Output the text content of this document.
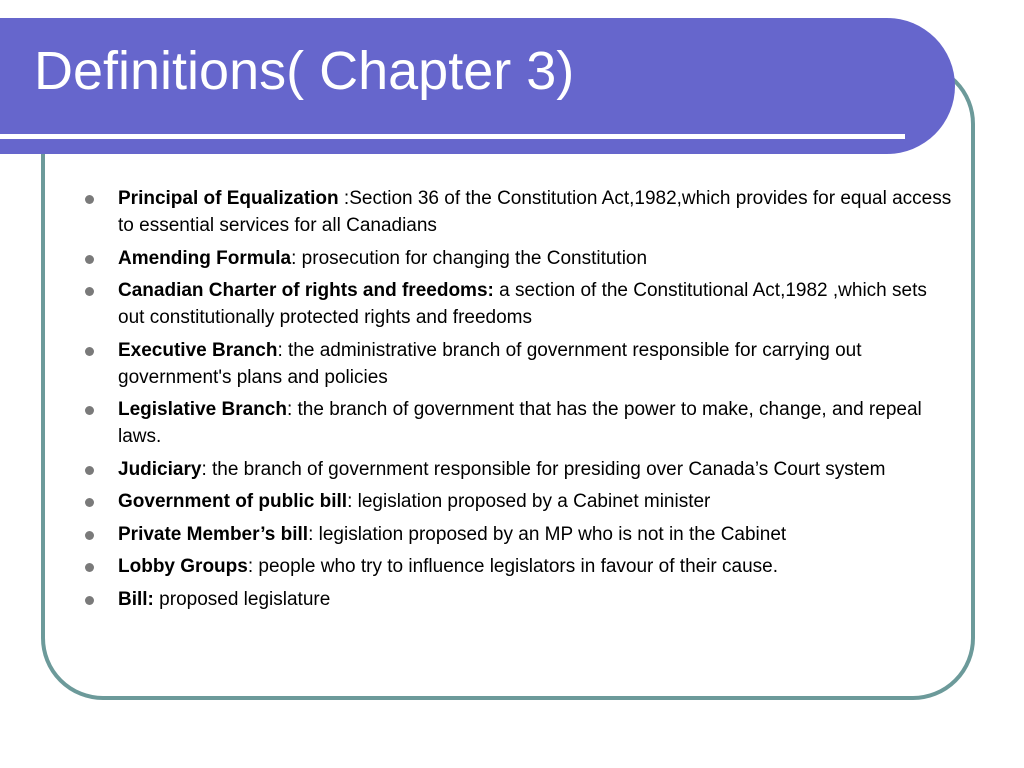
Definitions( Chapter 3)
Principal of Equalization :Section 36 of the Constitution Act,1982,which provides for equal access to essential services for all Canadians
Amending Formula: prosecution for changing the Constitution
Canadian Charter of rights and freedoms: a section of the Constitutional Act,1982 ,which sets out constitutionally protected rights and freedoms
Executive Branch: the administrative branch of government responsible for carrying out government's plans and policies
Legislative Branch: the branch of government that has the power to make, change, and repeal laws.
Judiciary: the branch of government responsible for presiding over Canada’s Court system
Government of public bill: legislation proposed by a Cabinet minister
Private Member’s bill: legislation proposed by an MP who is not in the Cabinet
Lobby Groups: people who try to influence legislators in favour of their cause.
Bill: proposed legislature
